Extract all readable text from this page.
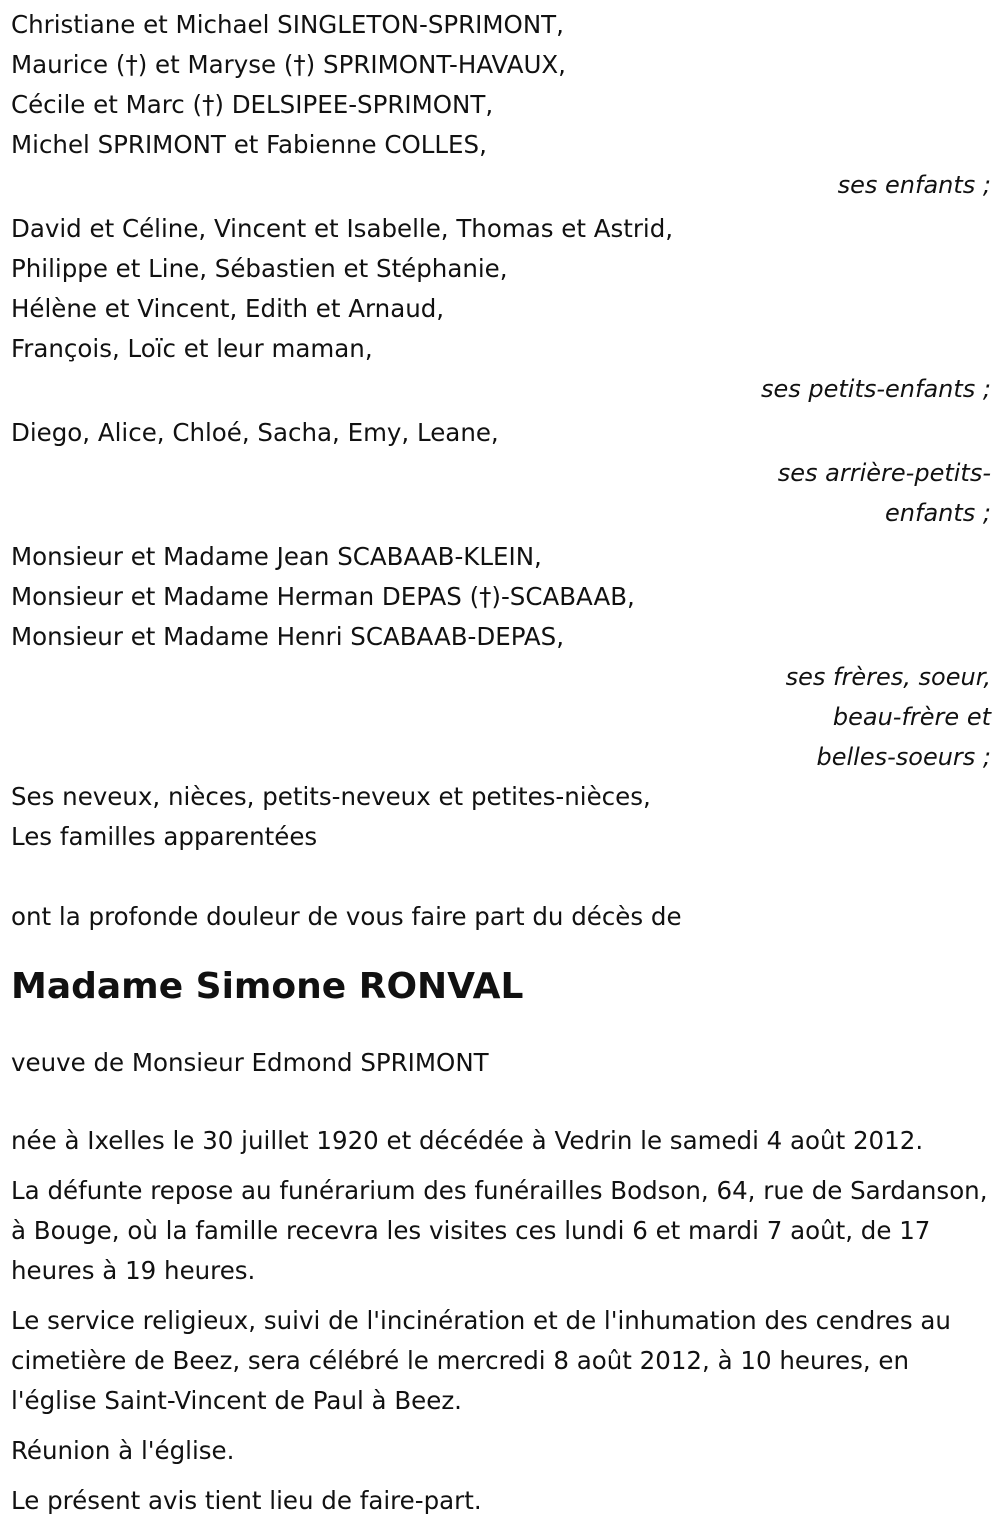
Christiane et Michael SINGLETON-SPRIMONT,
Maurice (†) et Maryse (†) SPRIMONT-HAVAUX,
Cécile et Marc (†) DELSIPEE-SPRIMONT,
Michel SPRIMONT et Fabienne COLLES,
ses enfants ;
David et Céline, Vincent et Isabelle, Thomas et Astrid,
Philippe et Line, Sébastien et Stéphanie,
Hélène et Vincent, Edith et Arnaud,
François, Loïc et leur maman,
ses petits-enfants ;
Diego, Alice, Chloé, Sacha, Emy, Leane,
ses arrière-petits-
enfants ;
Monsieur et Madame Jean SCABAAB-KLEIN,
Monsieur et Madame Herman DEPAS (†)-SCABAAB,
Monsieur et Madame Henri SCABAAB-DEPAS,
ses frères, soeur,
beau-frère et
belles-soeurs ;
Ses neveux, nièces, petits-neveux et petites-nièces,
Les familles apparentées
ont la profonde douleur de vous faire part du décès de
Madame Simone RONVAL
veuve de Monsieur Edmond SPRIMONT
née à Ixelles le 30 juillet 1920 et décédée à Vedrin le samedi 4 août 2012.
La défunte repose au funérarium des funérailles Bodson, 64, rue de Sardanson, à Bouge, où la famille recevra les visites ces lundi 6 et mardi 7 août, de 17 heures à 19 heures.
Le service religieux, suivi de l'incinération et de l'inhumation des cendres au cimetière de Beez, sera célébré le mercredi 8 août 2012, à 10 heures, en l'église Saint-Vincent de Paul à Beez.
Réunion à l'église.
Le présent avis tient lieu de faire-part.
